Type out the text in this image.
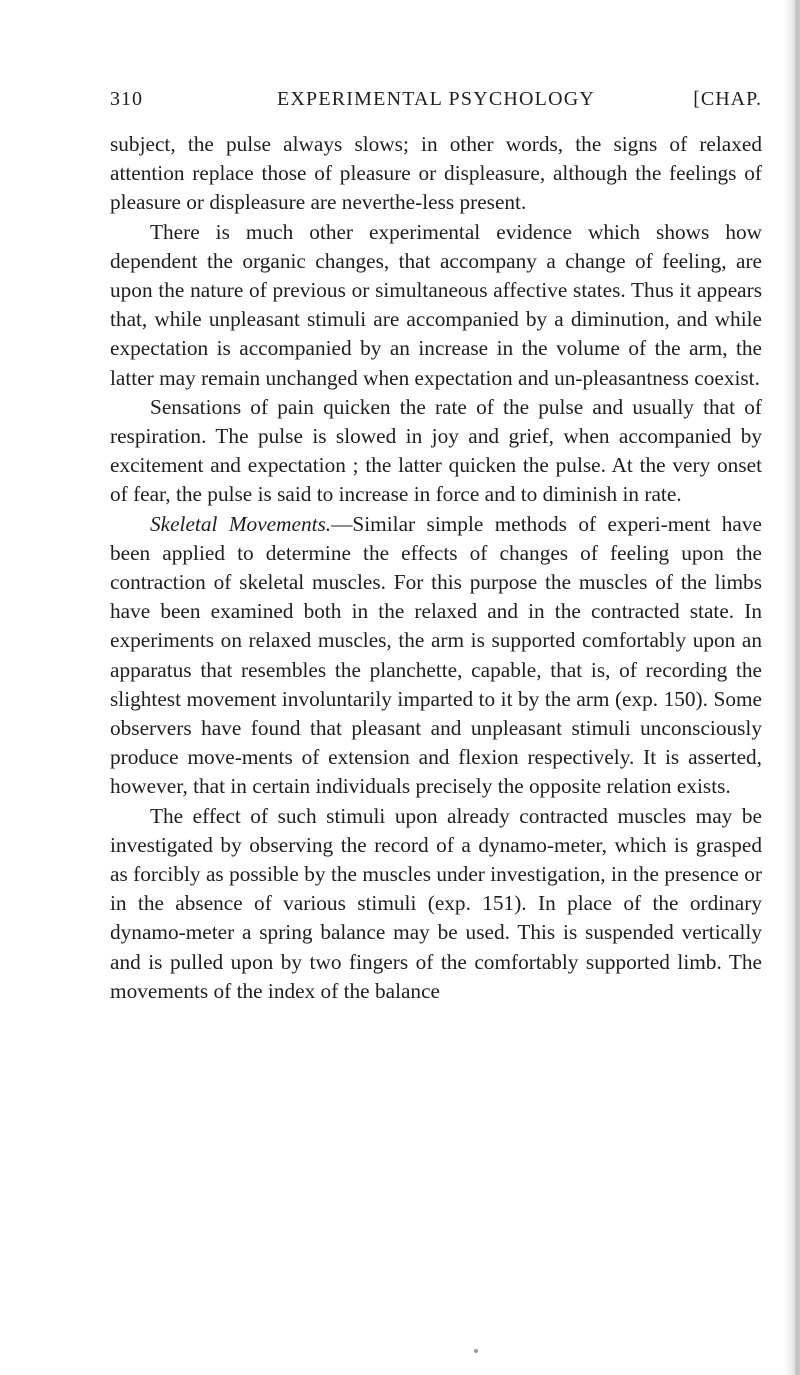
310	EXPERIMENTAL PSYCHOLOGY	[CHAP.

subject, the pulse always slows; in other words, the signs of relaxed attention replace those of pleasure or displeasure, although the feelings of pleasure or displeasure are neverthe-less present.

There is much other experimental evidence which shows how dependent the organic changes, that accompany a change of feeling, are upon the nature of previous or simultaneous affective states. Thus it appears that, while unpleasant stimuli are accompanied by a diminution, and while expectation is accompanied by an increase in the volume of the arm, the latter may remain unchanged when expectation and un-pleasantness coexist.

Sensations of pain quicken the rate of the pulse and usually that of respiration. The pulse is slowed in joy and grief, when accompanied by excitement and expectation ; the latter quicken the pulse. At the very onset of fear, the pulse is said to increase in force and to diminish in rate.

Skeletal Movements.—Similar simple methods of experi-ment have been applied to determine the effects of changes of feeling upon the contraction of skeletal muscles. For this purpose the muscles of the limbs have been examined both in the relaxed and in the contracted state. In experiments on relaxed muscles, the arm is supported comfortably upon an apparatus that resembles the planchette, capable, that is, of recording the slightest movement involuntarily imparted to it by the arm (exp. 150). Some observers have found that pleasant and unpleasant stimuli unconsciously produce move-ments of extension and flexion respectively. It is asserted, however, that in certain individuals precisely the opposite relation exists.

The effect of such stimuli upon already contracted muscles may be investigated by observing the record of a dynamo-meter, which is grasped as forcibly as possible by the muscles under investigation, in the presence or in the absence of various stimuli (exp. 151). In place of the ordinary dynamo-meter a spring balance may be used. This is suspended vertically and is pulled upon by two fingers of the comfortably supported limb. The movements of the index of the balance
